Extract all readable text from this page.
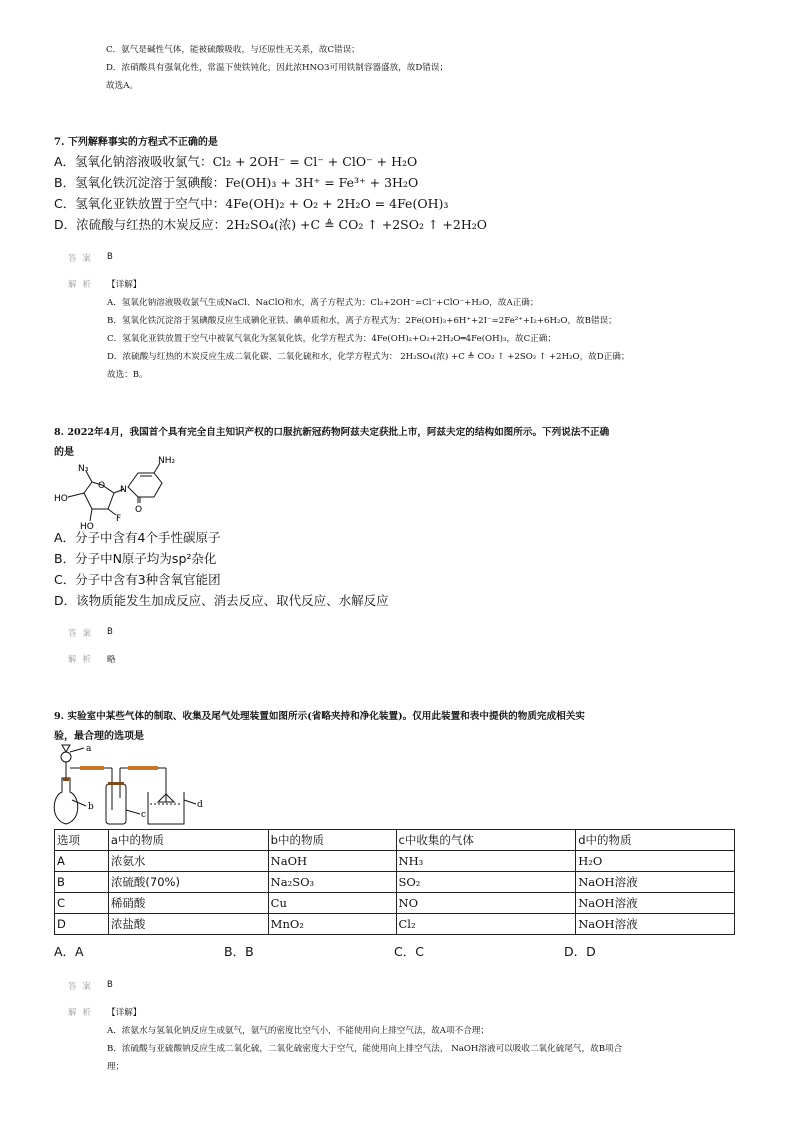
C．氨气是碱性气体，能被硫酸吸收，与还原性无关系，故C错误；
D．浓硝酸具有强氧化性，常温下使铁钝化，因此浓HNO3可用铁制容器盛放，故D错误；
故选A。
7. 下列解释事实的方程式不正确的是
A．氢氧化钠溶液吸收氯气：Cl₂ + 2OH⁻ = Cl⁻ + ClO⁻ + H₂O
B．氢氧化铁沉淀溶于氢碘酸：Fe(OH)₃ + 3H⁺ = Fe³⁺ + 3H₂O
C．氢氧化亚铁放置于空气中：4Fe(OH)₂ + O₂ + 2H₂O = 4Fe(OH)₃
D．浓硫酸与红热的木炭反应：2H₂SO₄(浓) +C ≜ CO₂ ↑ +2SO₂ ↑ +2H₂O
答案 B
解析 【详解】
A．氢氧化钠溶液吸收氯气生成NaCl、NaClO和水，离子方程式为：Cl₂+2OH⁻=Cl⁻+ClO⁻+H₂O，故A正确；
B．氢氧化铁沉淀溶于氢碘酸反应生成碘化亚铁、碘单质和水，离子方程式为：2Fe(OH)₃+6H⁺+2I⁻=2Fe²⁺+I₂+6H₂O，故B错误；
C．氢氧化亚铁放置于空气中被氧气氧化为氢氧化铁，化学方程式为：4Fe(OH)₂+O₂+2H₂O═4Fe(OH)₃，故C正确；
D．浓硫酸与红热的木炭反应生成二氧化碳、二氧化硫和水，化学方程式为： 2H₂SO₄(浓) +C ≜ CO₂ ↑ +2SO₂ ↑ +2H₂O，故D正确；
故选：B。
8. 2022年4月，我国首个具有完全自主知识产权的口服抗新冠药物阿兹夫定获批上市，阿兹夫定的结构如图所示。下列说法不正确
的是
N₃
HO
O N
HO
F
O
NH₂
A．分子中含有4个手性碳原子
B．分子中N原子均为sp²杂化
C．分子中含有3种含氧官能团
D．该物质能发生加成反应、消去反应、取代反应、水解反应
答案 B
解析 略
9. 实验室中某些气体的制取、收集及尾气处理装置如图所示(省略夹持和净化装置)。仅用此装置和表中提供的物质完成相关实
验，最合理的选项是
a
b
c
d
选项	a中的物质	b中的物质	c中收集的气体	d中的物质
A	浓氨水	NaOH	NH₃	H₂O
B	浓硫酸(70%)	Na₂SO₃	SO₂	NaOH溶液
C	稀硝酸	Cu	NO	NaOH溶液
D	浓盐酸	MnO₂	Cl₂	NaOH溶液
A．A	B．B	C．C	D．D
答案 B
解析 【详解】
A．浓氨水与氢氧化钠反应生成氨气，氨气的密度比空气小，不能使用向上排空气法，故A项不合理；
B．浓硫酸与亚硫酸钠反应生成二氧化硫，二氧化硫密度大于空气，能使用向上排空气法， NaOH溶液可以吸收二氧化硫尾气，故B项合
理；
